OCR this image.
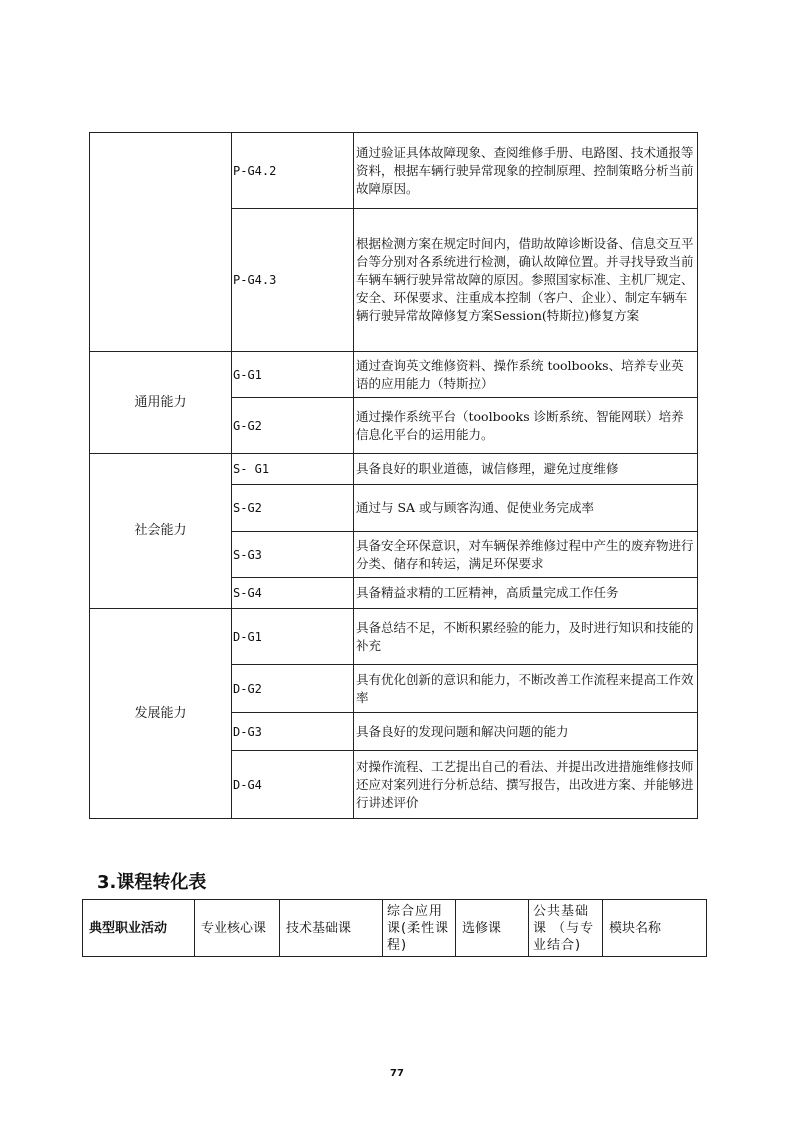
	P-G4.2	通过验证具体故障现象、查阅维修手册、电路图、技术通报等资料，根据车辆行驶异常现象的控制原理、控制策略分析当前故障原因。
	P-G4.3	根据检测方案在规定时间内，借助故障诊断设备、信息交互平台等分别对各系统进行检测，确认故障位置。并寻找导致当前车辆车辆行驶异常故障的原因。参照国家标准、主机厂规定、安全、环保要求、注重成本控制（客户、企业）、制定车辆车辆行驶异常故障修复方案Session(特斯拉)修复方案
通用能力	G-G1	通过查询英文维修资料、操作系统 toolbooks、培养专业英语的应用能力（特斯拉）
	G-G2	通过操作系统平台（toolbooks 诊断系统、智能网联）培养信息化平台的运用能力。
社会能力	S- G1	具备良好的职业道德，诚信修理，避免过度维修
	S-G2	通过与 SA 或与顾客沟通、促使业务完成率
	S-G3	具备安全环保意识，对车辆保养维修过程中产生的废弃物进行分类、储存和转运，满足环保要求
	S-G4	具备精益求精的工匠精神，高质量完成工作任务
发展能力	D-G1	具备总结不足，不断积累经验的能力，及时进行知识和技能的补充
	D-G2	具有优化创新的意识和能力，不断改善工作流程来提高工作效率
	D-G3	具备良好的发现问题和解决问题的能力
	D-G4	对操作流程、工艺提出自己的看法、并提出改进措施维修技师还应对案列进行分析总结、撰写报告，出改进方案、并能够进行讲述评价
3.课程转化表
典型职业活动	专业核心课	技术基础课	综合应用课(柔性课程)	选修课	公共基础课 （与专业结合)	模块名称
77
